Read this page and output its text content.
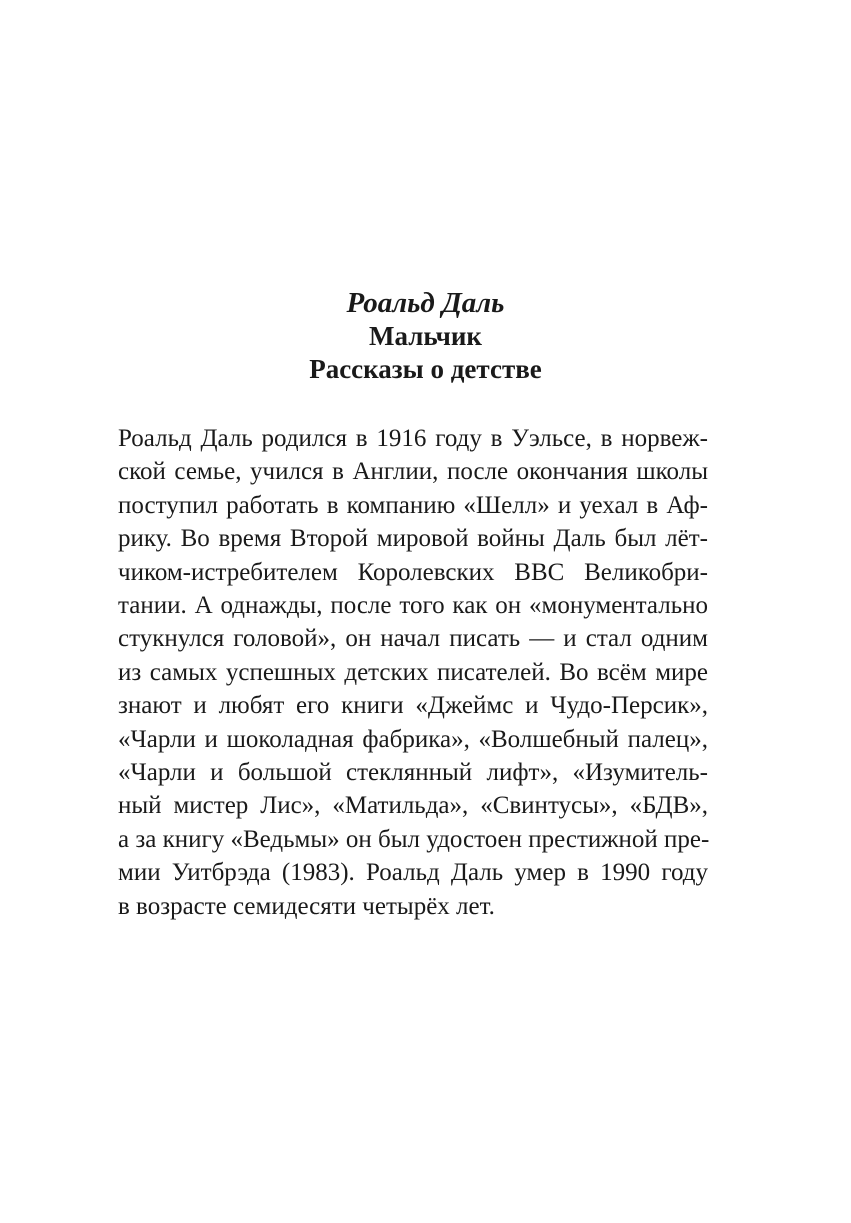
Роальд Даль
Мальчик
Рассказы о детстве
Роальд Даль родился в 1916 году в Уэльсе, в норвеж-
ской семье, учился в Англии, после окончания школы
поступил работать в компанию «Шелл» и уехал в Аф-
рику. Во время Второй мировой войны Даль был лёт-
чиком-истребителем Королевских ВВС Великобри-
тании. А однажды, после того как он «монументально
стукнулся головой», он начал писать — и стал одним
из самых успешных детских писателей. Во всём мире
знают и любят его книги «Джеймс и Чудо-Персик»,
«Чарли и шоколадная фабрика», «Волшебный палец»,
«Чарли и большой стеклянный лифт», «Изумитель-
ный мистер Лис», «Матильда», «Свинтусы», «БДВ»,
а за книгу «Ведьмы» он был удостоен престижной пре-
мии Уитбрэда (1983). Роальд Даль умер в 1990 году
в возрасте семидесяти четырёх лет.
